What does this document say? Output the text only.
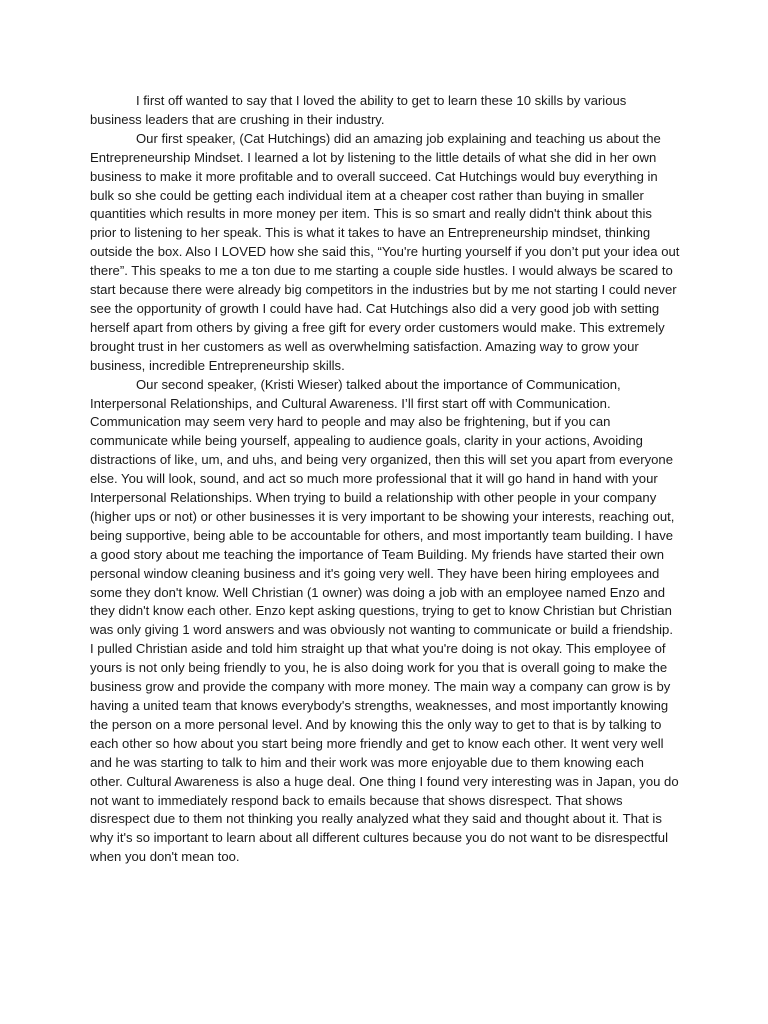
I first off wanted to say that I loved the ability to get to learn these 10 skills by various business leaders that are crushing in their industry.

Our first speaker, (Cat Hutchings) did an amazing job explaining and teaching us about the Entrepreneurship Mindset. I learned a lot by listening to the little details of what she did in her own business to make it more profitable and to overall succeed. Cat Hutchings would buy everything in bulk so she could be getting each individual item at a cheaper cost rather than buying in smaller quantities which results in more money per item. This is so smart and really didn't think about this prior to listening to her speak. This is what it takes to have an Entrepreneurship mindset, thinking outside the box. Also I LOVED how she said this, “You're hurting yourself if you don’t put your idea out there”. This speaks to me a ton due to me starting a couple side hustles. I would always be scared to start because there were already big competitors in the industries but by me not starting I could never see the opportunity of growth I could have had. Cat Hutchings also did a very good job with setting herself apart from others by giving a free gift for every order customers would make. This extremely brought trust in her customers as well as overwhelming satisfaction. Amazing way to grow your business, incredible Entrepreneurship skills.

Our second speaker, (Kristi Wieser) talked about the importance of Communication, Interpersonal Relationships, and Cultural Awareness. I’ll first start off with Communication. Communication may seem very hard to people and may also be frightening, but if you can communicate while being yourself, appealing to audience goals, clarity in your actions, Avoiding distractions of like, um, and uhs, and being very organized, then this will set you apart from everyone else. You will look, sound, and act so much more professional that it will go hand in hand with your Interpersonal Relationships. When trying to build a relationship with other people in your company (higher ups or not) or other businesses it is very important to be showing your interests, reaching out, being supportive, being able to be accountable for others, and most importantly team building. I have a good story about me teaching the importance of Team Building. My friends have started their own personal window cleaning business and it's going very well. They have been hiring employees and some they don't know. Well Christian (1 owner) was doing a job with an employee named Enzo and they didn't know each other. Enzo kept asking questions, trying to get to know Christian but Christian was only giving 1 word answers and was obviously not wanting to communicate or build a friendship. I pulled Christian aside and told him straight up that what you're doing is not okay. This employee of yours is not only being friendly to you, he is also doing work for you that is overall going to make the business grow and provide the company with more money. The main way a company can grow is by having a united team that knows everybody's strengths, weaknesses, and most importantly knowing the person on a more personal level. And by knowing this the only way to get to that is by talking to each other so how about you start being more friendly and get to know each other. It went very well and he was starting to talk to him and their work was more enjoyable due to them knowing each other. Cultural Awareness is also a huge deal. One thing I found very interesting was in Japan, you do not want to immediately respond back to emails because that shows disrespect. That shows disrespect due to them not thinking you really analyzed what they said and thought about it. That is why it's so important to learn about all different cultures because you do not want to be disrespectful when you don't mean too.
